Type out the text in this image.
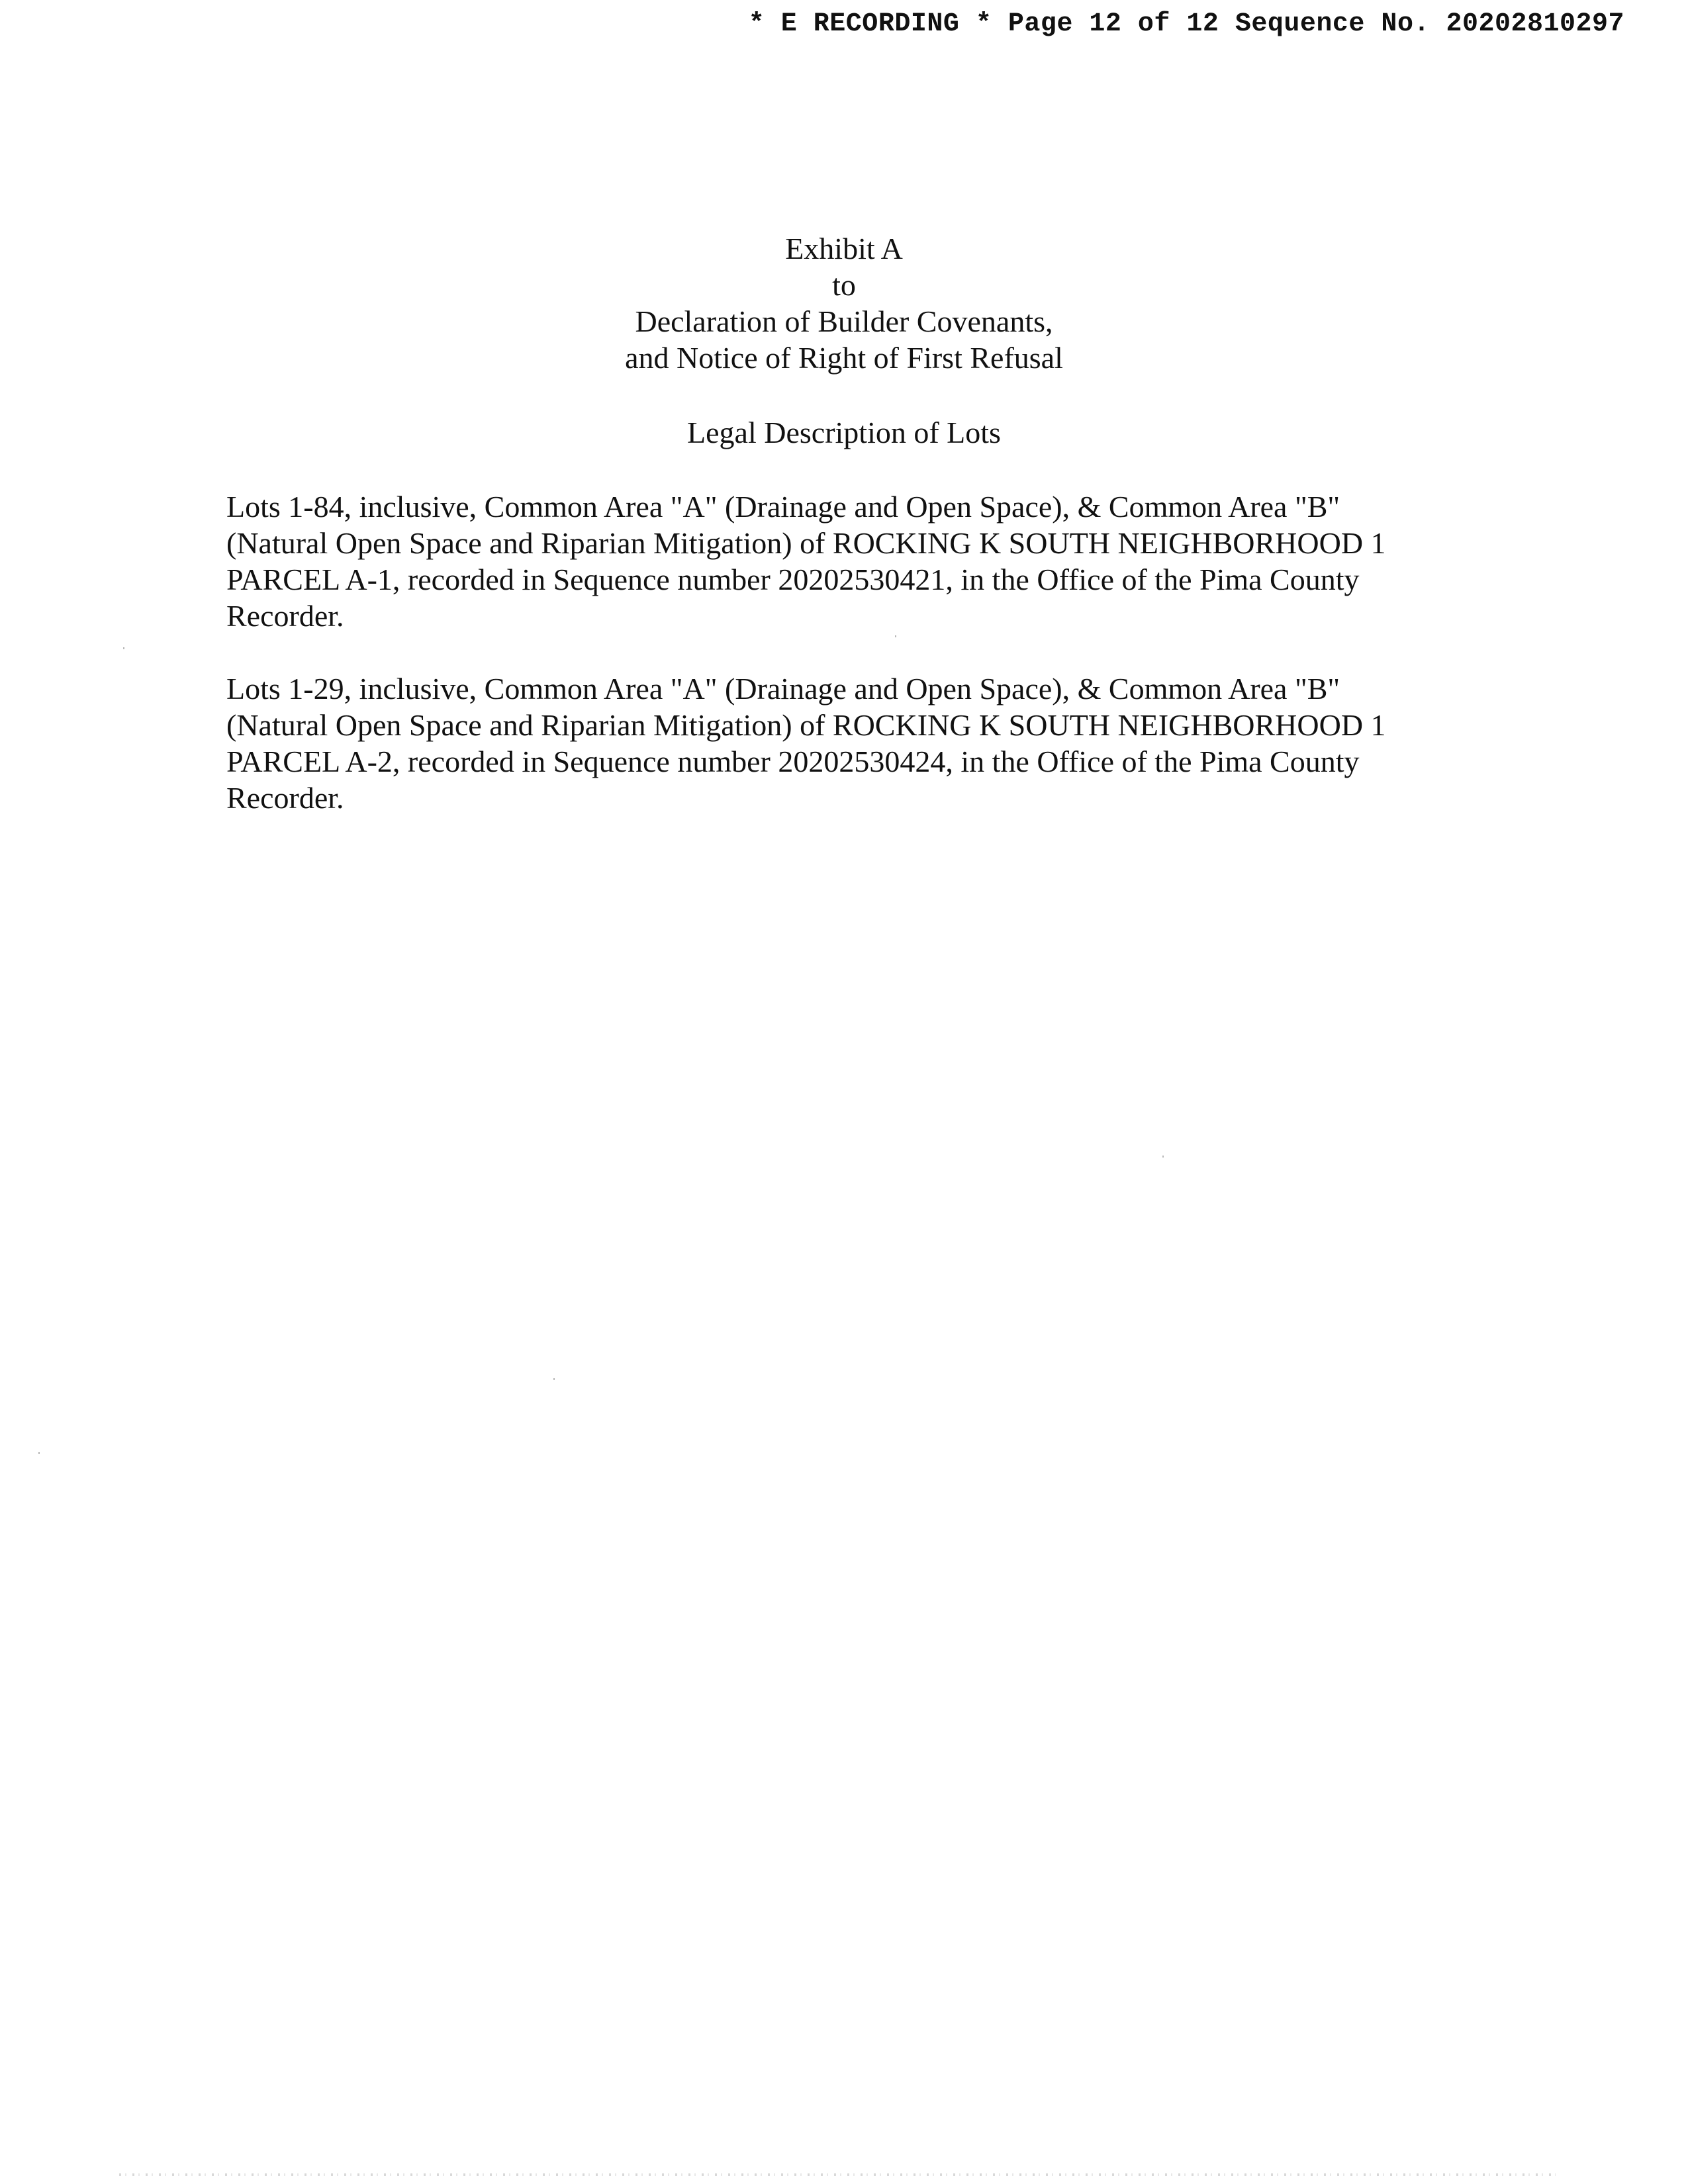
* E RECORDING * Page 12 of 12 Sequence No. 20202810297
Exhibit A
to
Declaration of Builder Covenants,
and Notice of Right of First Refusal
Legal Description of Lots

Lots 1-84, inclusive, Common Area "A" (Drainage and Open Space), & Common Area "B"
(Natural Open Space and Riparian Mitigation) of ROCKING K SOUTH NEIGHBORHOOD 1
PARCEL A-1, recorded in Sequence number 20202530421, in the Office of the Pima County
Recorder.

Lots 1-29, inclusive, Common Area "A" (Drainage and Open Space), & Common Area "B"
(Natural Open Space and Riparian Mitigation) of ROCKING K SOUTH NEIGHBORHOOD 1
PARCEL A-2, recorded in Sequence number 20202530424, in the Office of the Pima County
Recorder.
